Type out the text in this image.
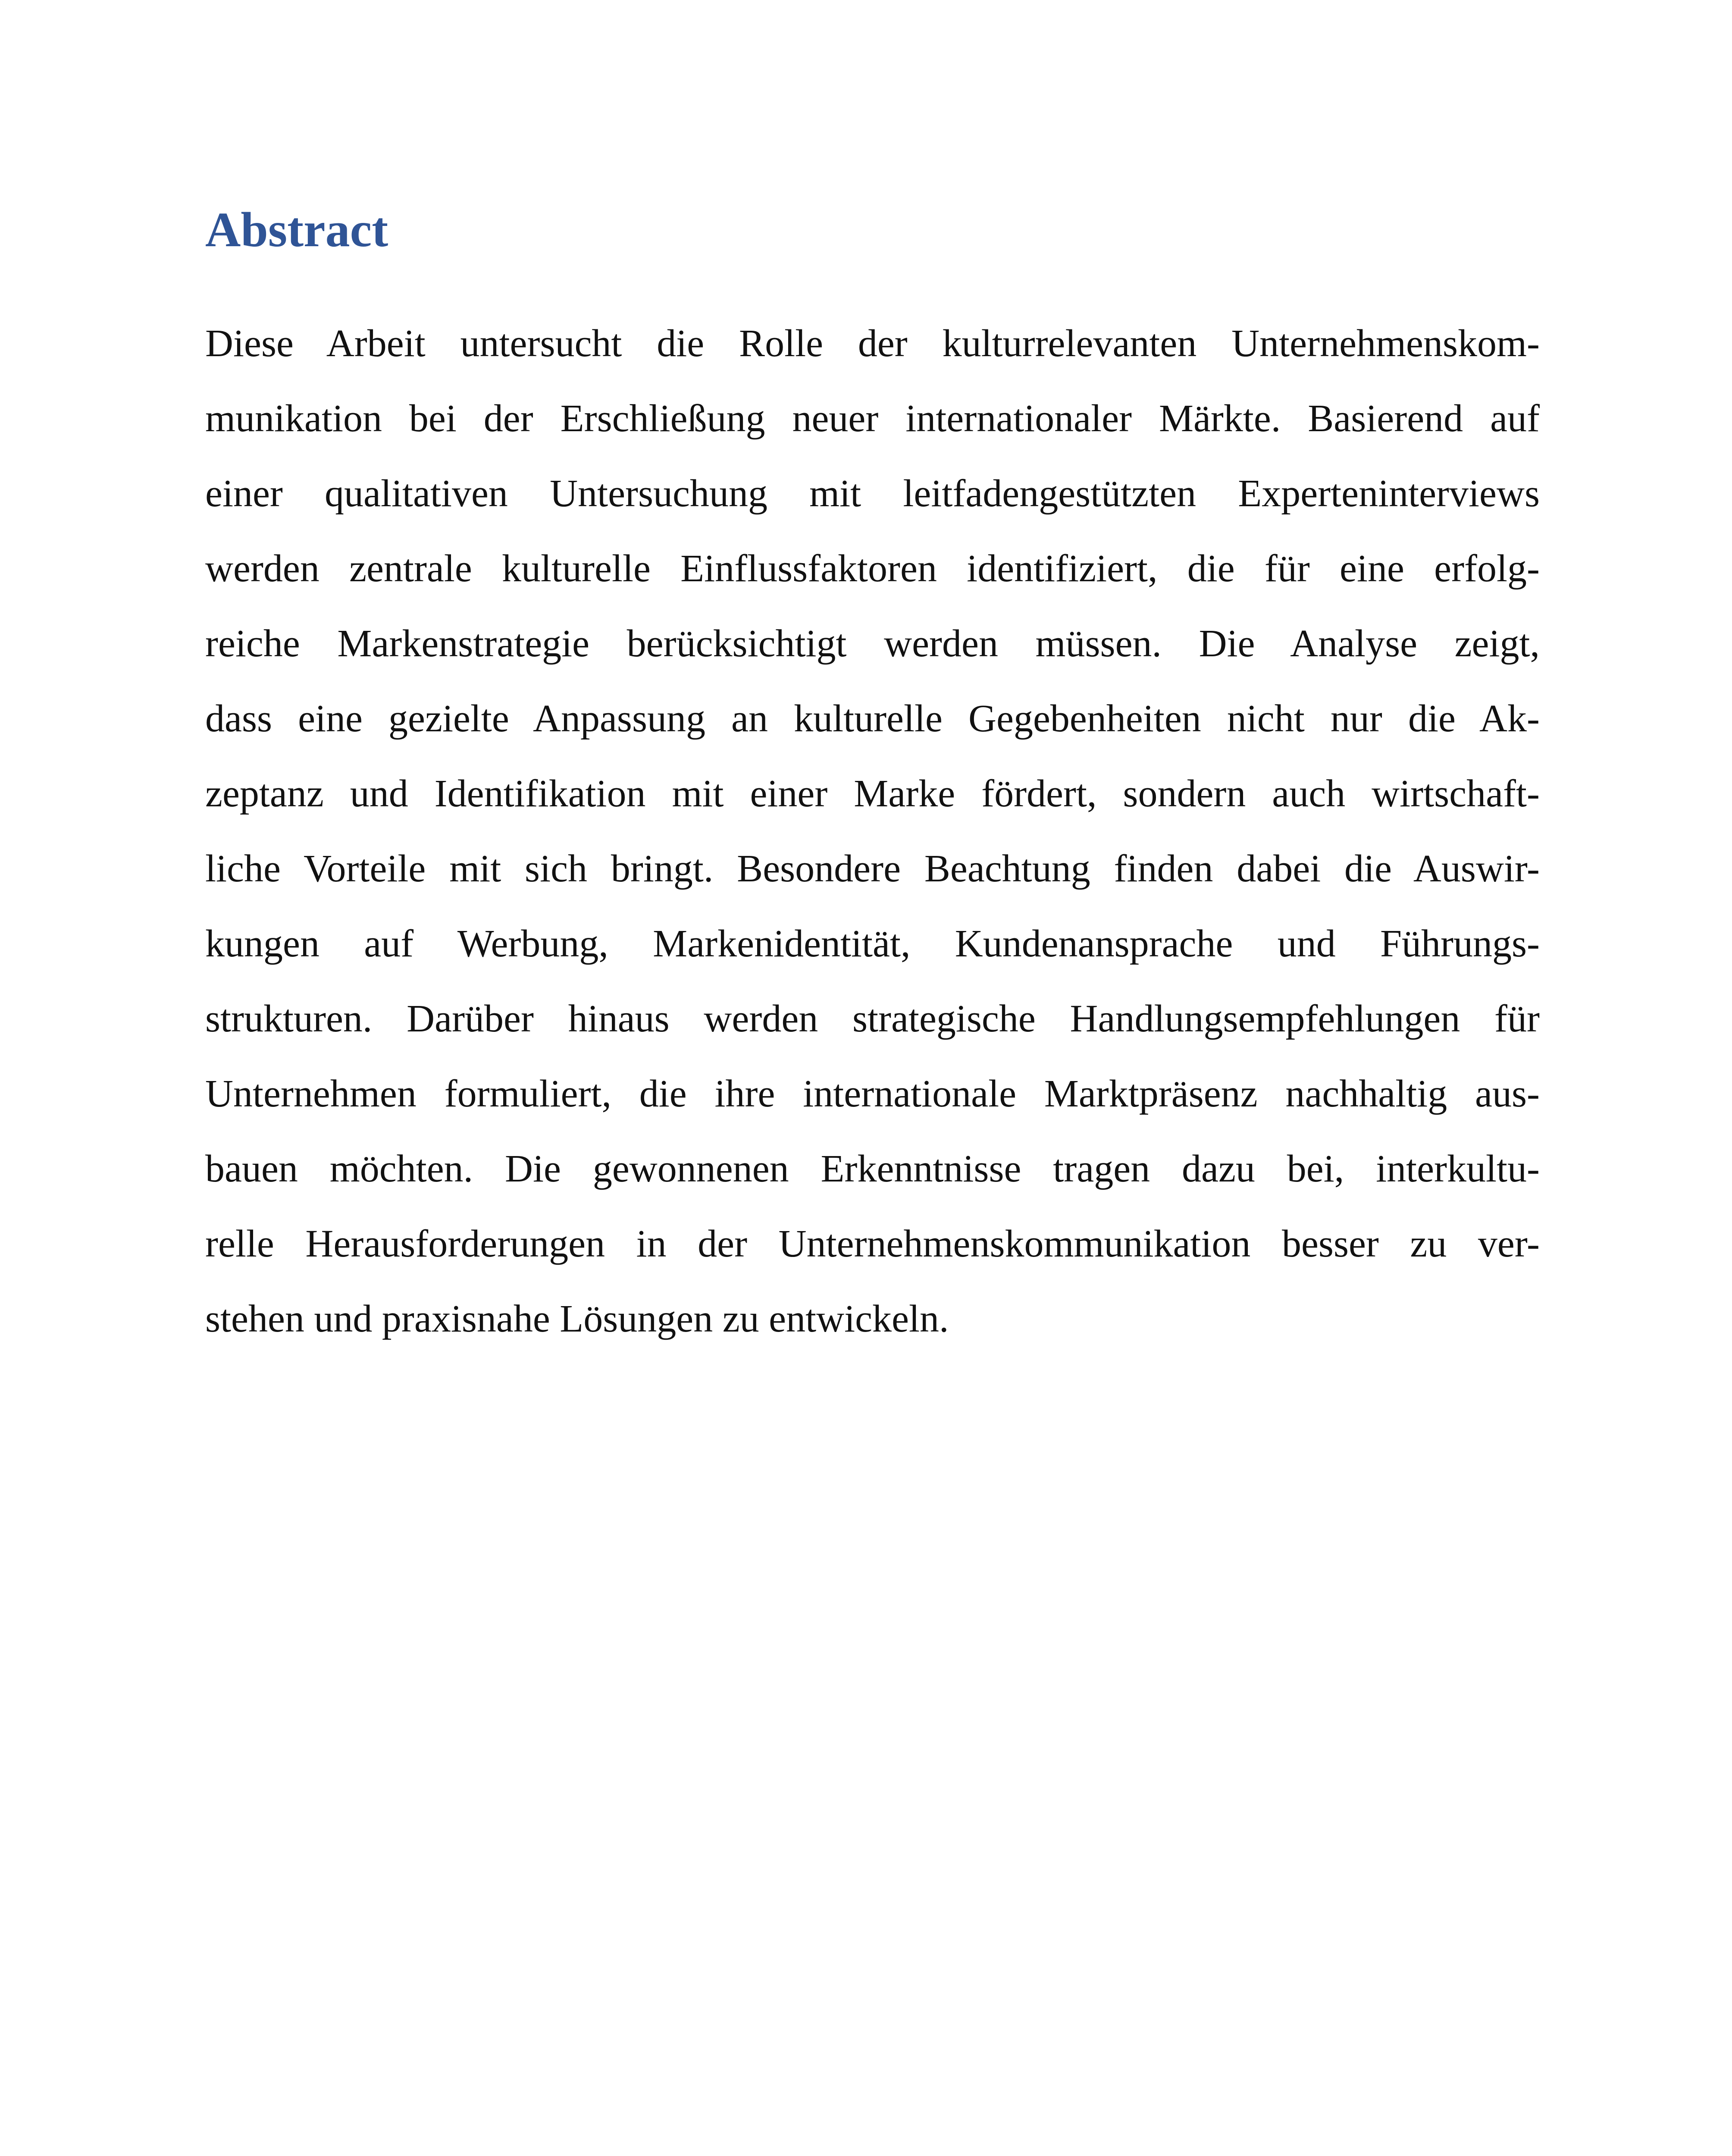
Abstract
Diese Arbeit untersucht die Rolle der kulturrelevanten Unternehmenskom-
munikation bei der Erschließung neuer internationaler Märkte. Basierend auf
einer qualitativen Untersuchung mit leitfadengestützten Experteninterviews
werden zentrale kulturelle Einflussfaktoren identifiziert, die für eine erfolg-
reiche Markenstrategie berücksichtigt werden müssen. Die Analyse zeigt,
dass eine gezielte Anpassung an kulturelle Gegebenheiten nicht nur die Ak-
zeptanz und Identifikation mit einer Marke fördert, sondern auch wirtschaft-
liche Vorteile mit sich bringt. Besondere Beachtung finden dabei die Auswir-
kungen auf Werbung, Markenidentität, Kundenansprache und Führungs-
strukturen. Darüber hinaus werden strategische Handlungsempfehlungen für
Unternehmen formuliert, die ihre internationale Marktpräsenz nachhaltig aus-
bauen möchten. Die gewonnenen Erkenntnisse tragen dazu bei, interkultu-
relle Herausforderungen in der Unternehmenskommunikation besser zu ver-
stehen und praxisnahe Lösungen zu entwickeln.
